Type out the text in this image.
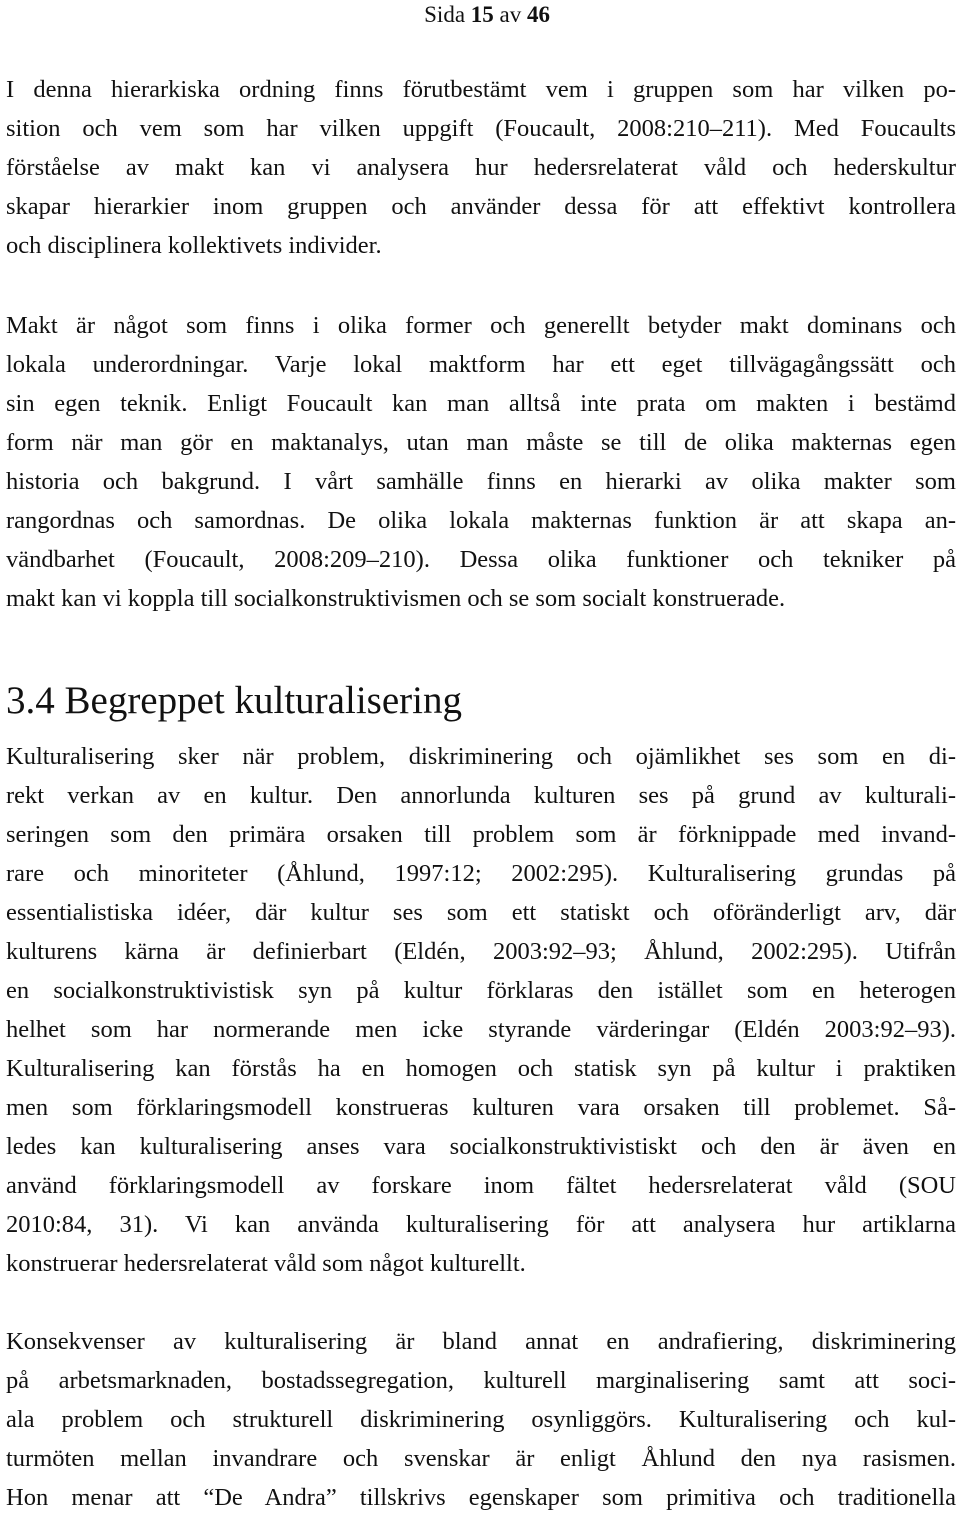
Sida 15 av 46

I denna hierarkiska ordning finns förutbestämt vem i gruppen som har vilken po-
sition och vem som har vilken uppgift (Foucault, 2008:210–211). Med Foucaults
förståelse av makt kan vi analysera hur hedersrelaterat våld och hederskultur
skapar hierarkier inom gruppen och använder dessa för att effektivt kontrollera
och disciplinera kollektivets individer.

Makt är något som finns i olika former och generellt betyder makt dominans och
lokala underordningar. Varje lokal maktform har ett eget tillvägagångssätt och
sin egen teknik. Enligt Foucault kan man alltså inte prata om makten i bestämd
form när man gör en maktanalys, utan man måste se till de olika makternas egen
historia och bakgrund. I vårt samhälle finns en hierarki av olika makter som
rangordnas och samordnas. De olika lokala makternas funktion är att skapa an-
vändbarhet (Foucault, 2008:209–210). Dessa olika funktioner och tekniker på
makt kan vi koppla till socialkonstruktivismen och se som socialt konstruerade.

3.4 Begreppet kulturalisering

Kulturalisering sker när problem, diskriminering och ojämlikhet ses som en di-
rekt verkan av en kultur. Den annorlunda kulturen ses på grund av kulturali-
seringen som den primära orsaken till problem som är förknippade med invand-
rare och minoriteter (Åhlund, 1997:12; 2002:295). Kulturalisering grundas på
essentialistiska idéer, där kultur ses som ett statiskt och oföränderligt arv, där
kulturens kärna är definierbart (Eldén, 2003:92–93; Åhlund, 2002:295). Utifrån
en socialkonstruktivistisk syn på kultur förklaras den istället som en heterogen
helhet som har normerande men icke styrande värderingar (Eldén 2003:92–93).
Kulturalisering kan förstås ha en homogen och statisk syn på kultur i praktiken
men som förklaringsmodell konstrueras kulturen vara orsaken till problemet. Så-
ledes kan kulturalisering anses vara socialkonstruktivistiskt och den är även en
använd förklaringsmodell av forskare inom fältet hedersrelaterat våld (SOU
2010:84, 31). Vi kan använda kulturalisering för att analysera hur artiklarna
konstruerar hedersrelaterat våld som något kulturellt.

Konsekvenser av kulturalisering är bland annat en andrafiering, diskriminering
på arbetsmarknaden, bostadssegregation, kulturell marginalisering samt att soci-
ala problem och strukturell diskriminering osynliggörs. Kulturalisering och kul-
turmöten mellan invandrare och svenskar är enligt Åhlund den nya rasismen.
Hon menar att “De Andra” tillskrivs egenskaper som primitiva och traditionella
